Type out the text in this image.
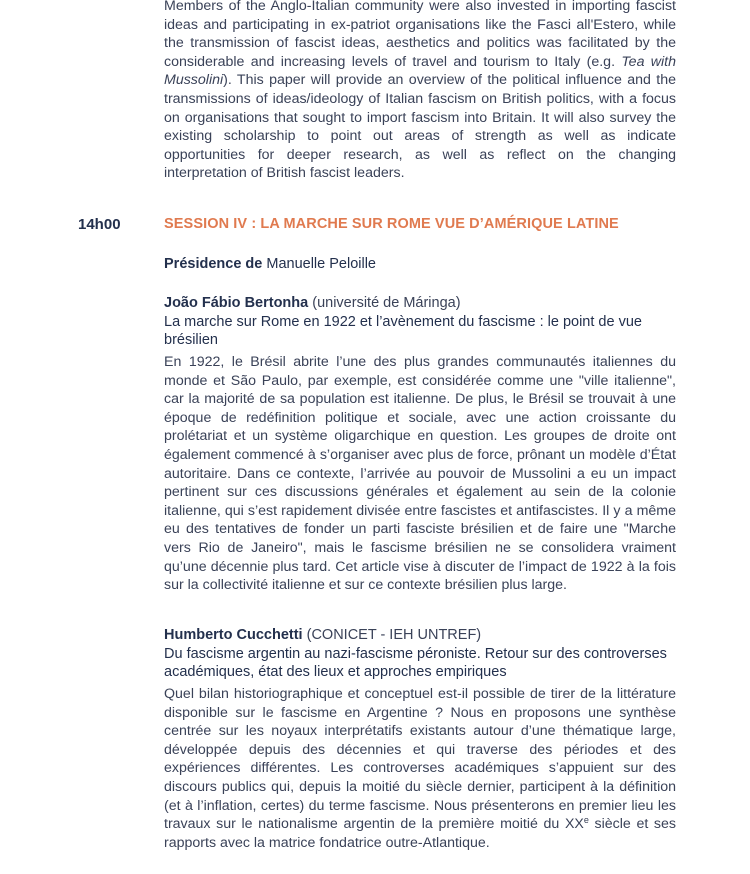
Members of the Anglo-Italian community were also invested in importing fascist ideas and participating in ex-patriot organisations like the Fasci all'Estero, while the transmission of fascist ideas, aesthetics and politics was facilitated by the considerable and increasing levels of travel and tourism to Italy (e.g. Tea with Mussolini). This paper will provide an overview of the political influence and the transmissions of ideas/ideology of Italian fascism on British politics, with a focus on organisations that sought to import fascism into Britain. It will also survey the existing scholarship to point out areas of strength as well as indicate opportunities for deeper research, as well as reflect on the changing interpretation of British fascist leaders.

14h00	SESSION IV : LA MARCHE SUR ROME VUE D’AMÉRIQUE LATINE
Présidence de Manuelle Peloille
João Fábio Bertonha (université de Máringa)
La marche sur Rome en 1922 et l’avènement du fascisme : le point de vue brésilien

En 1922, le Brésil abrite l’une des plus grandes communautés italiennes du monde et São Paulo, par exemple, est considérée comme une "ville italienne", car la majorité de sa population est italienne. De plus, le Brésil se trouvait à une époque de redéfinition politique et sociale, avec une action croissante du prolétariat et un système oligarchique en question. Les groupes de droite ont également commencé à s’organiser avec plus de force, prônant un modèle d’État autoritaire. Dans ce contexte, l’arrivée au pouvoir de Mussolini a eu un impact pertinent sur ces discussions générales et également au sein de la colonie italienne, qui s’est rapidement divisée entre fascistes et antifascistes. Il y a même eu des tentatives de fonder un parti fasciste brésilien et de faire une "Marche vers Rio de Janeiro", mais le fascisme brésilien ne se consolidera vraiment qu’une décennie plus tard. Cet article vise à discuter de l’impact de 1922 à la fois sur la collectivité italienne et sur ce contexte brésilien plus large.

Humberto Cucchetti (CONICET - IEH UNTREF)
Du fascisme argentin au nazi-fascisme péroniste. Retour sur des controverses académiques, état des lieux et approches empiriques

Quel bilan historiographique et conceptuel est-il possible de tirer de la littérature disponible sur le fascisme en Argentine ? Nous en proposons une synthèse centrée sur les noyaux interprétatifs existants autour d’une thématique large, développée depuis des décennies et qui traverse des périodes et des expériences différentes. Les controverses académiques s’appuient sur des discours publics qui, depuis la moitié du siècle dernier, participent à la définition (et à l’inflation, certes) du terme fascisme. Nous présenterons en premier lieu les travaux sur le nationalisme argentin de la première moitié du XXe siècle et ses rapports avec la matrice fondatrice outre-Atlantique.
